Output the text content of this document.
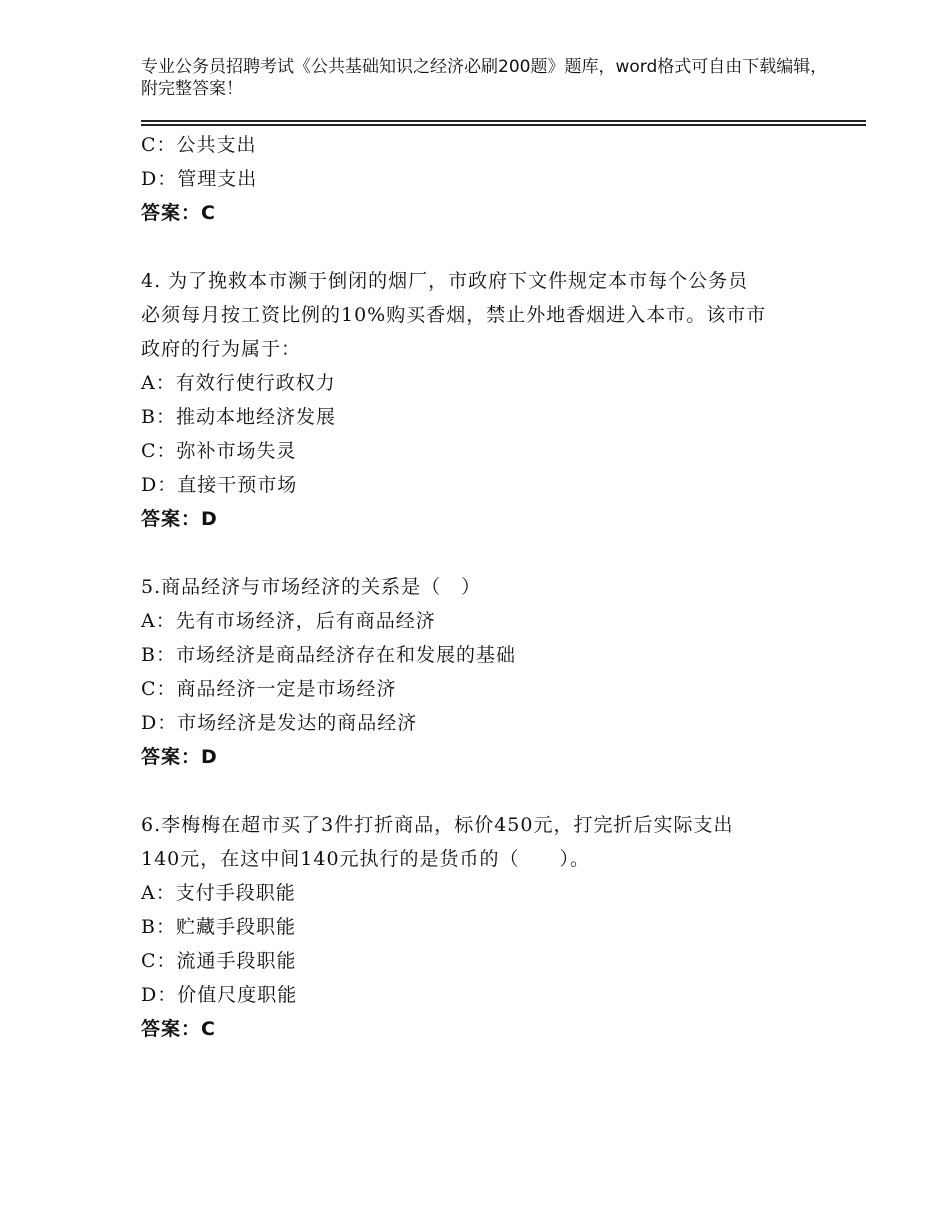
专业公务员招聘考试《公共基础知识之经济必刷200题》题库，word格式可自由下载编辑，附完整答案！
C：公共支出
D：管理支出
答案：C
4. 为了挽救本市濒于倒闭的烟厂，市政府下文件规定本市每个公务员
必须每月按工资比例的10%购买香烟，禁止外地香烟进入本市。该市市
政府的行为属于：
A：有效行使行政权力
B：推动本地经济发展
C：弥补市场失灵
D：直接干预市场
答案：D
5.商品经济与市场经济的关系是（　）
A：先有市场经济，后有商品经济
B：市场经济是商品经济存在和发展的基础
C：商品经济一定是市场经济
D：市场经济是发达的商品经济
答案：D
6.李梅梅在超市买了3件打折商品，标价450元，打完折后实际支出
140元，在这中间140元执行的是货币的（　　）。
A：支付手段职能
B：贮藏手段职能
C：流通手段职能
D：价值尺度职能
答案：C
